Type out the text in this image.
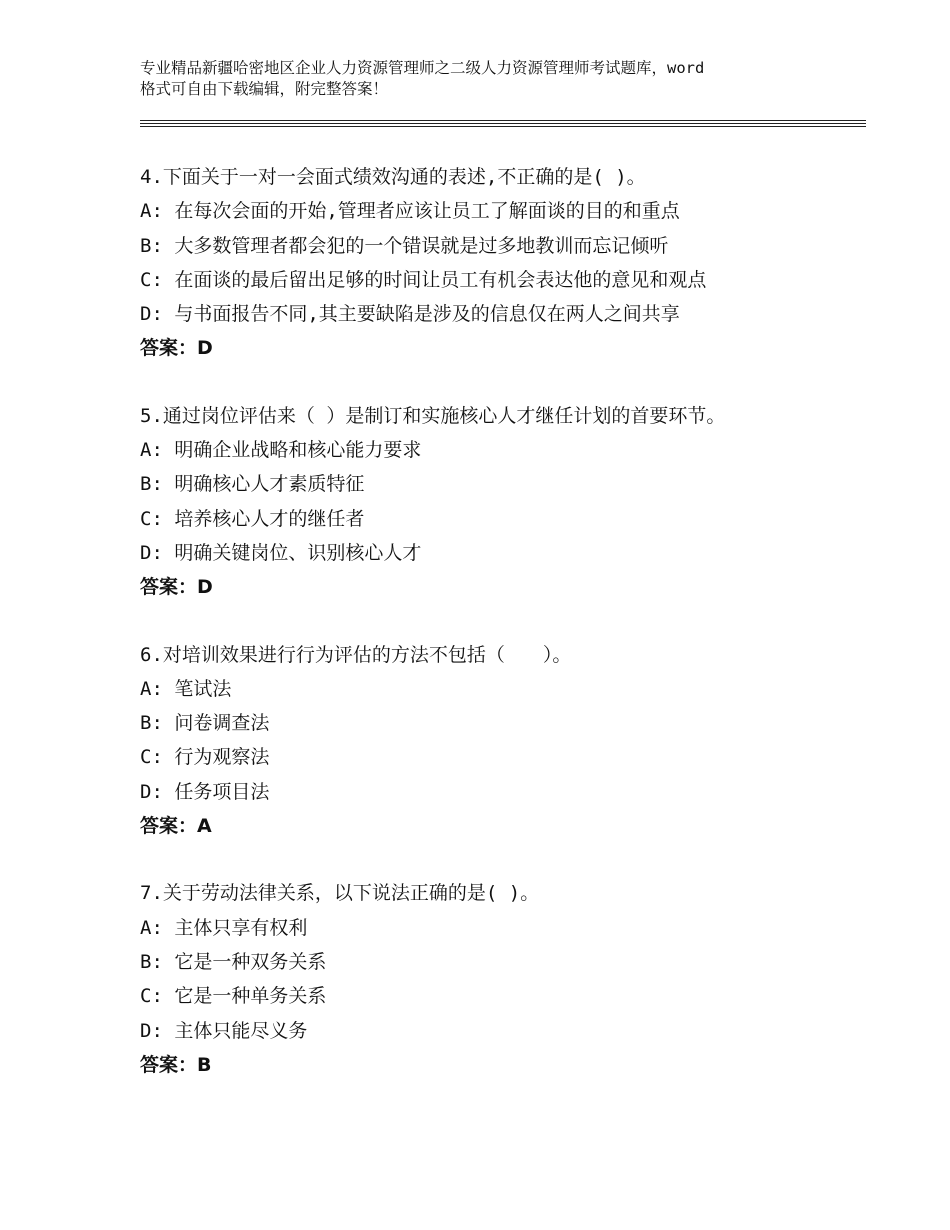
专业精品新疆哈密地区企业人力资源管理师之二级人力资源管理师考试题库，word
格式可自由下载编辑，附完整答案！
4.下面关于一对一会面式绩效沟通的表述,不正确的是( )。
A: 在每次会面的开始,管理者应该让员工了解面谈的目的和重点
B: 大多数管理者都会犯的一个错误就是过多地教训而忘记倾听
C: 在面谈的最后留出足够的时间让员工有机会表达他的意见和观点
D: 与书面报告不同,其主要缺陷是涉及的信息仅在两人之间共享
答案：D
5.通过岗位评估来（ ）是制订和实施核心人才继任计划的首要环节。
A: 明确企业战略和核心能力要求
B: 明确核心人才素质特征
C: 培养核心人才的继任者
D: 明确关键岗位、识别核心人才
答案：D
6.对培训效果进行行为评估的方法不包括（　　）。
A: 笔试法
B: 问卷调查法
C: 行为观察法
D: 任务项目法
答案：A
7.关于劳动法律关系，以下说法正确的是( )。
A: 主体只享有权利
B: 它是一种双务关系
C: 它是一种单务关系
D: 主体只能尽义务
答案：B
